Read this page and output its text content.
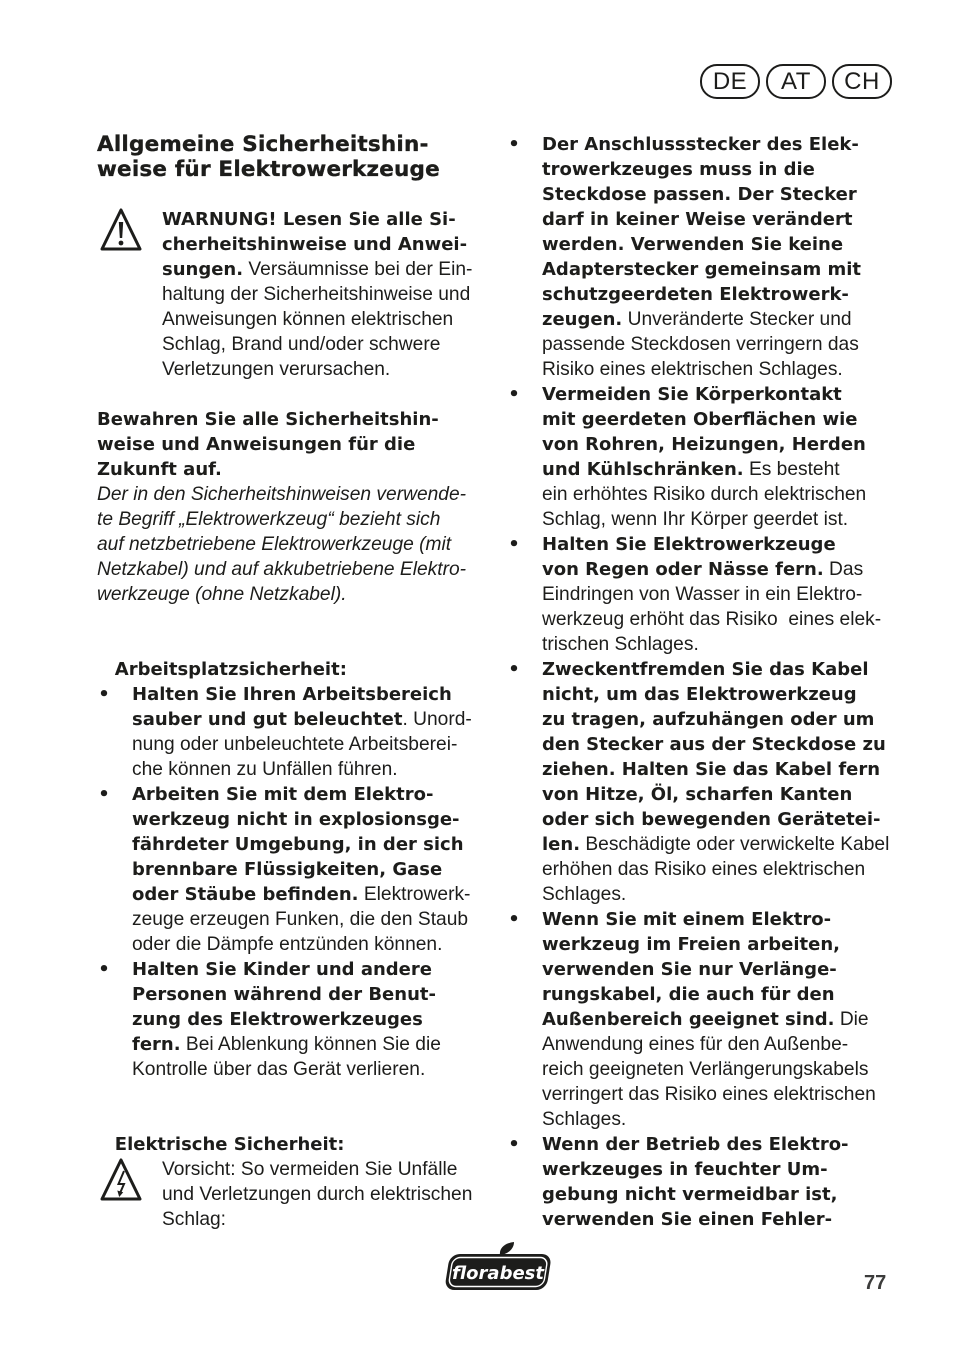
DE AT CH
Allgemeine Sicherheitshin-
weise für Elektrowerkzeuge
WARNUNG! Lesen Sie alle Si-
cherheitshinweise und Anwei-
sungen. Versäumnisse bei der Ein-
haltung der Sicherheitshinweise und
Anweisungen können elektrischen
Schlag, Brand und/oder schwere
Verletzungen verursachen.
Bewahren Sie alle Sicherheitshin-
weise und Anweisungen für die
Zukunft auf.
Der in den Sicherheitshinweisen verwende-
te Begriff „Elektrowerkzeug“ bezieht sich
auf netzbetriebene Elektrowerkzeuge (mit
Netzkabel) und auf akkubetriebene Elektro-
werkzeuge (ohne Netzkabel).

Arbeitsplatzsicherheit:

• Halten Sie Ihren Arbeitsbereich
sauber und gut beleuchtet. Unord-
nung oder unbeleuchtete Arbeitsberei-
che können zu Unfällen führen.
• Arbeiten Sie mit dem Elektro-
werkzeug nicht in explosionsge-
fährdeter Umgebung, in der sich
brennbare Flüssigkeiten, Gase
oder Stäube befinden. Elektrowerk-
zeuge erzeugen Funken, die den Staub
oder die Dämpfe entzünden können.
• Halten Sie Kinder und andere
Personen während der Benut-
zung des Elektrowerkzeuges
fern. Bei Ablenkung können Sie die
Kontrolle über das Gerät verlieren.

Elektrische Sicherheit:

Vorsicht: So vermeiden Sie Unfälle
und Verletzungen durch elektrischen
Schlag:
• Der Anschlussstecker des Elek-
trowerkzeuges muss in die
Steckdose passen. Der Stecker
darf in keiner Weise verändert
werden. Verwenden Sie keine
Adapterstecker gemeinsam mit
schutzgeerdeten Elektrowerk-
zeugen. Unveränderte Stecker und
passende Steckdosen verringern das
Risiko eines elektrischen Schlages.
• Vermeiden Sie Körperkontakt
mit geerdeten Oberflächen wie
von Rohren, Heizungen, Herden
und Kühlschränken. Es besteht
ein erhöhtes Risiko durch elektrischen
Schlag, wenn Ihr Körper geerdet ist.
• Halten Sie Elektrowerkzeuge
von Regen oder Nässe fern. Das
Eindringen von Wasser in ein Elektro-
werkzeug erhöht das Risiko  eines elek-
trischen Schlages.
• Zweckentfremden Sie das Kabel
nicht, um das Elektrowerkzeug
zu tragen, aufzuhängen oder um
den Stecker aus der Steckdose zu
ziehen. Halten Sie das Kabel fern
von Hitze, Öl, scharfen Kanten
oder sich bewegenden Gerätetei-
len. Beschädigte oder verwickelte Kabel
erhöhen das Risiko eines elektrischen
Schlages.
• Wenn Sie mit einem Elektro-
werkzeug im Freien arbeiten,
verwenden Sie nur Verlänge-
rungskabel, die auch für den
Außenbereich geeignet sind. Die
Anwendung eines für den Außenbe-
reich geeigneten Verlängerungskabels
verringert das Risiko eines elektrischen
Schlages.
• Wenn der Betrieb des Elektro-
werkzeuges in feuchter Um-
gebung nicht vermeidbar ist,
verwenden Sie einen Fehler-
florabest	77
